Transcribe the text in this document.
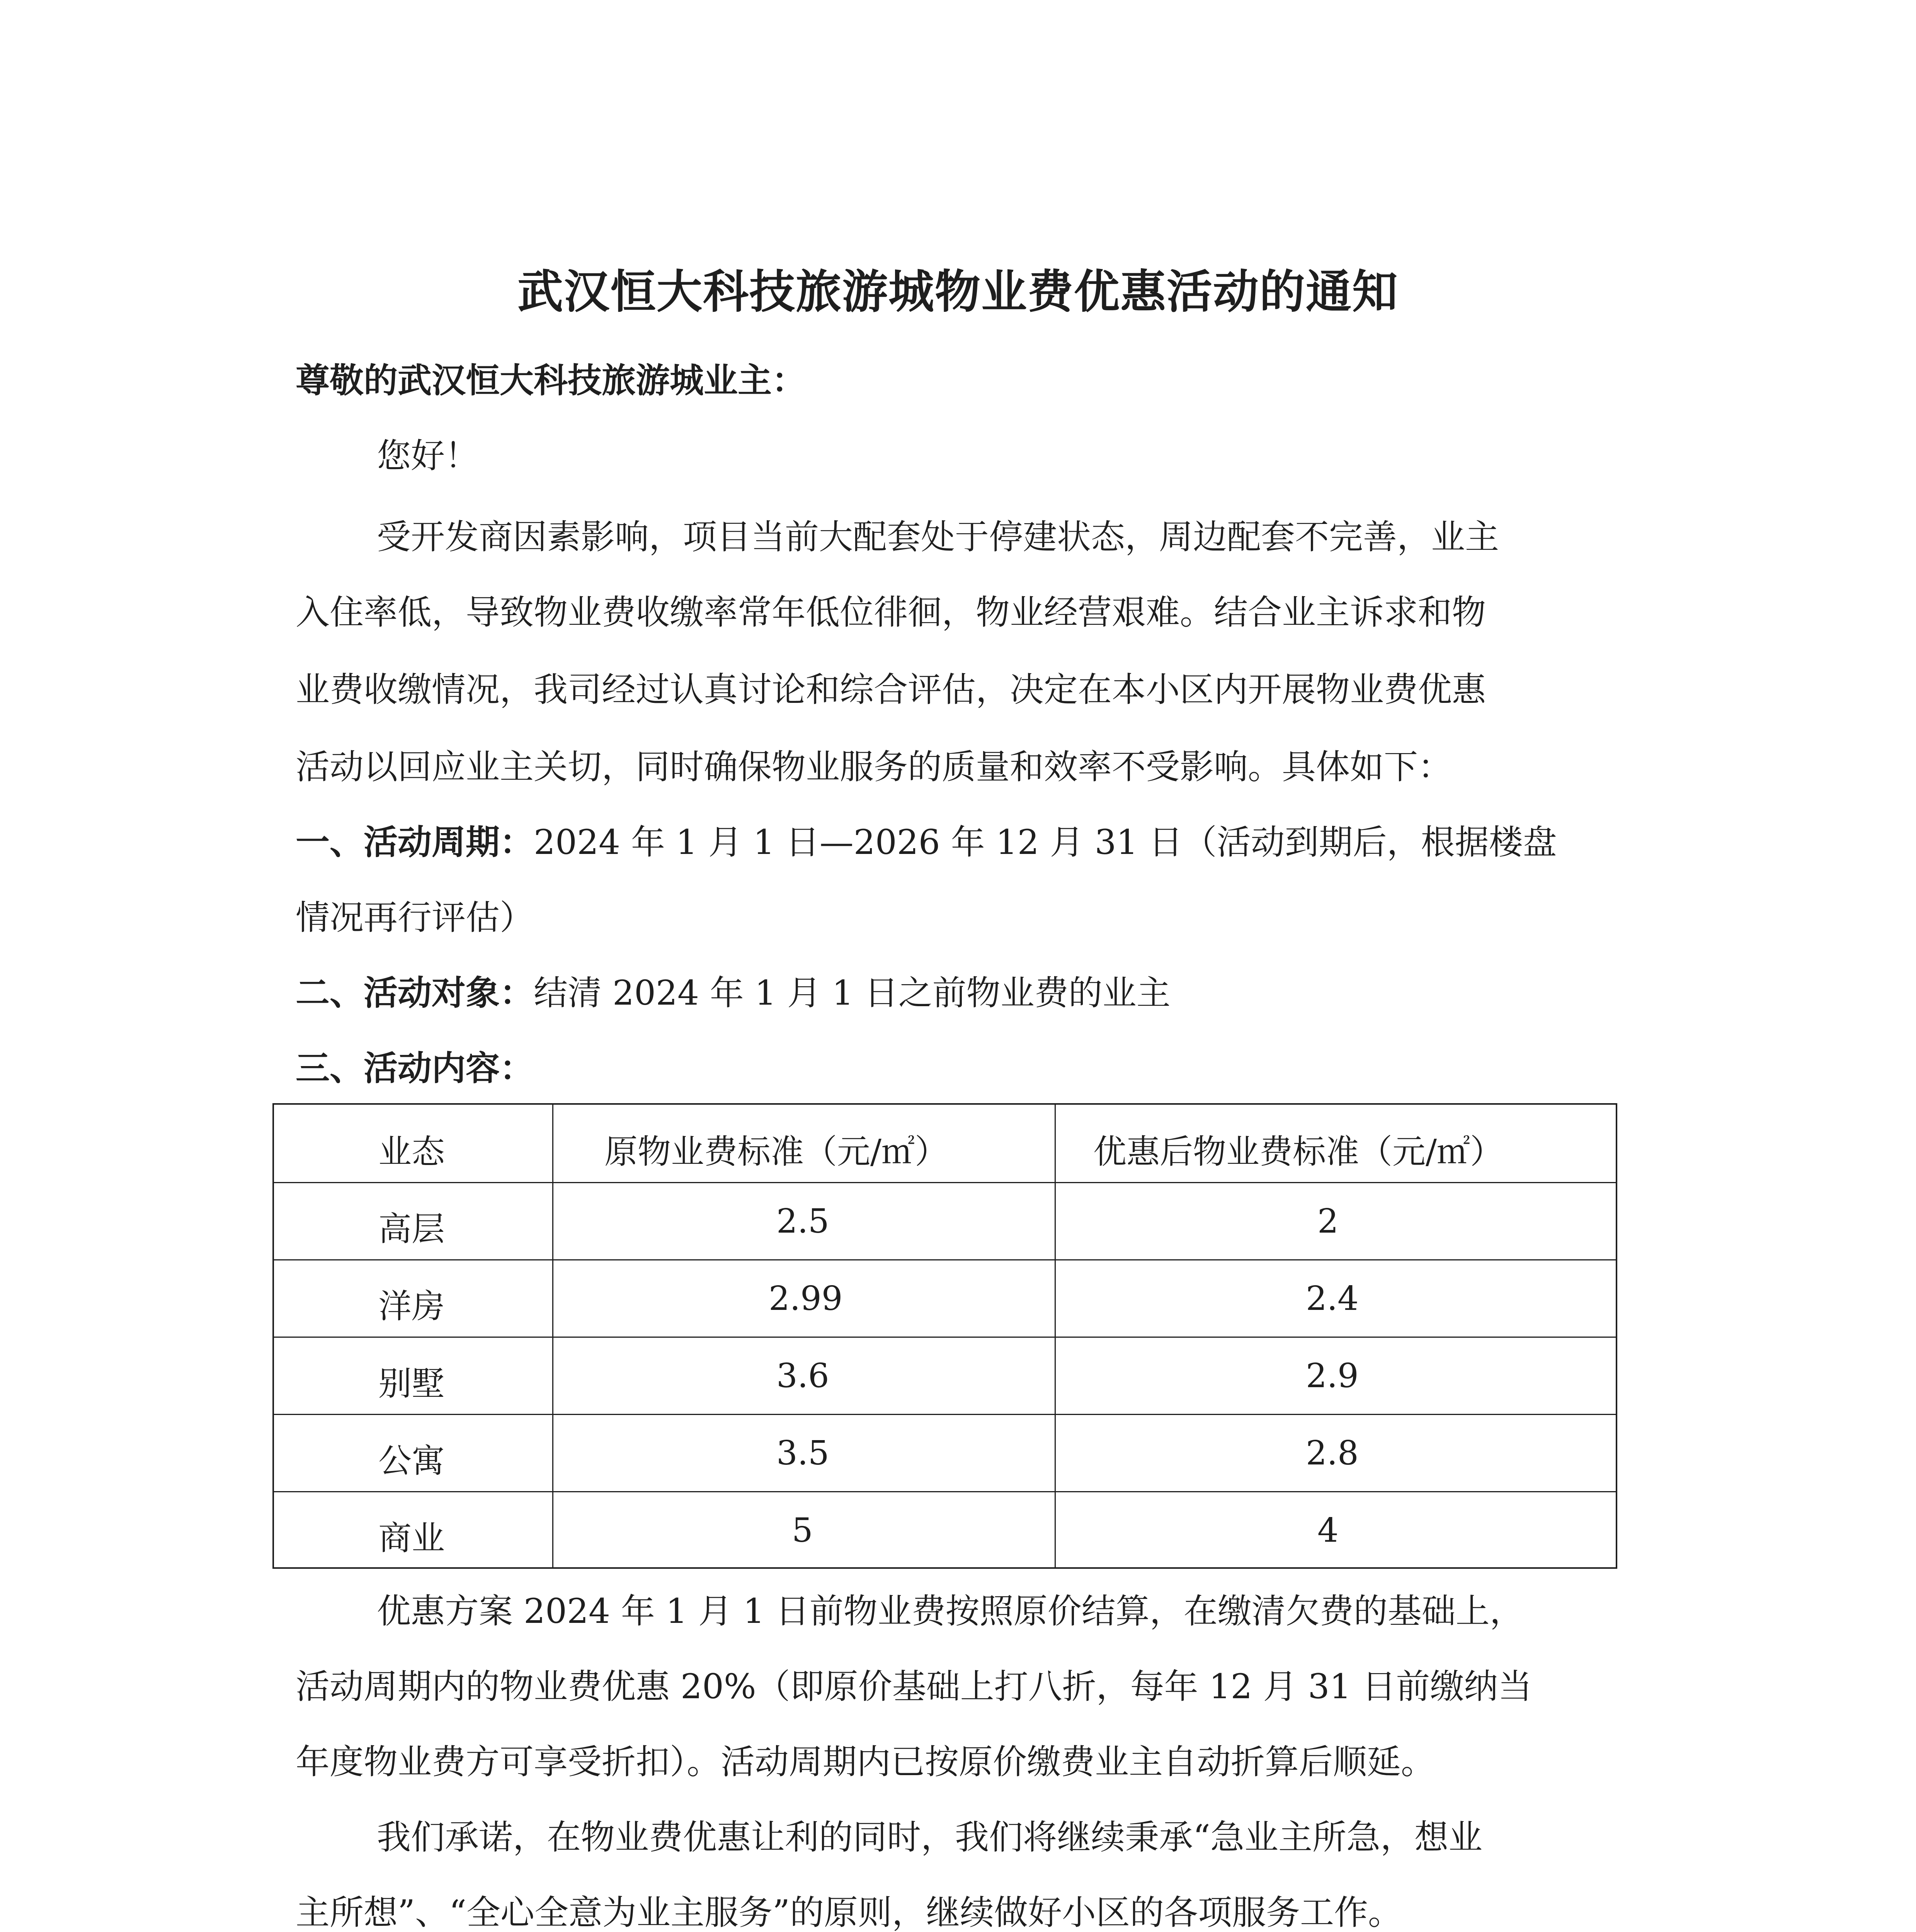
武汉恒大科技旅游城物业费优惠活动的通知
尊敬的武汉恒大科技旅游城业主：
您好！
受开发商因素影响，项目当前大配套处于停建状态，周边配套不完善，业主
入住率低，导致物业费收缴率常年低位徘徊，物业经营艰难。结合业主诉求和物
业费收缴情况，我司经过认真讨论和综合评估，决定在本小区内开展物业费优惠
活动以回应业主关切，同时确保物业服务的质量和效率不受影响。具体如下：
一、活动周期：2024 年 1 月 1 日—2026 年 12 月 31 日（活动到期后，根据楼盘
情况再行评估）
二、活动对象：结清 2024 年 1 月 1 日之前物业费的业主
三、活动内容：
业态	原物业费标准（元/㎡）	优惠后物业费标准（元/㎡）
高层	2.5	2
洋房	2.99	2.4
别墅	3.6	2.9
公寓	3.5	2.8
商业	5	4
优惠方案 2024 年 1 月 1 日前物业费按照原价结算，在缴清欠费的基础上，
活动周期内的物业费优惠 20%（即原价基础上打八折，每年 12 月 31 日前缴纳当
年度物业费方可享受折扣）。活动周期内已按原价缴费业主自动折算后顺延。
我们承诺，在物业费优惠让利的同时，我们将继续秉承“急业主所急，想业
主所想”、“全心全意为业主服务”的原则，继续做好小区的各项服务工作。
